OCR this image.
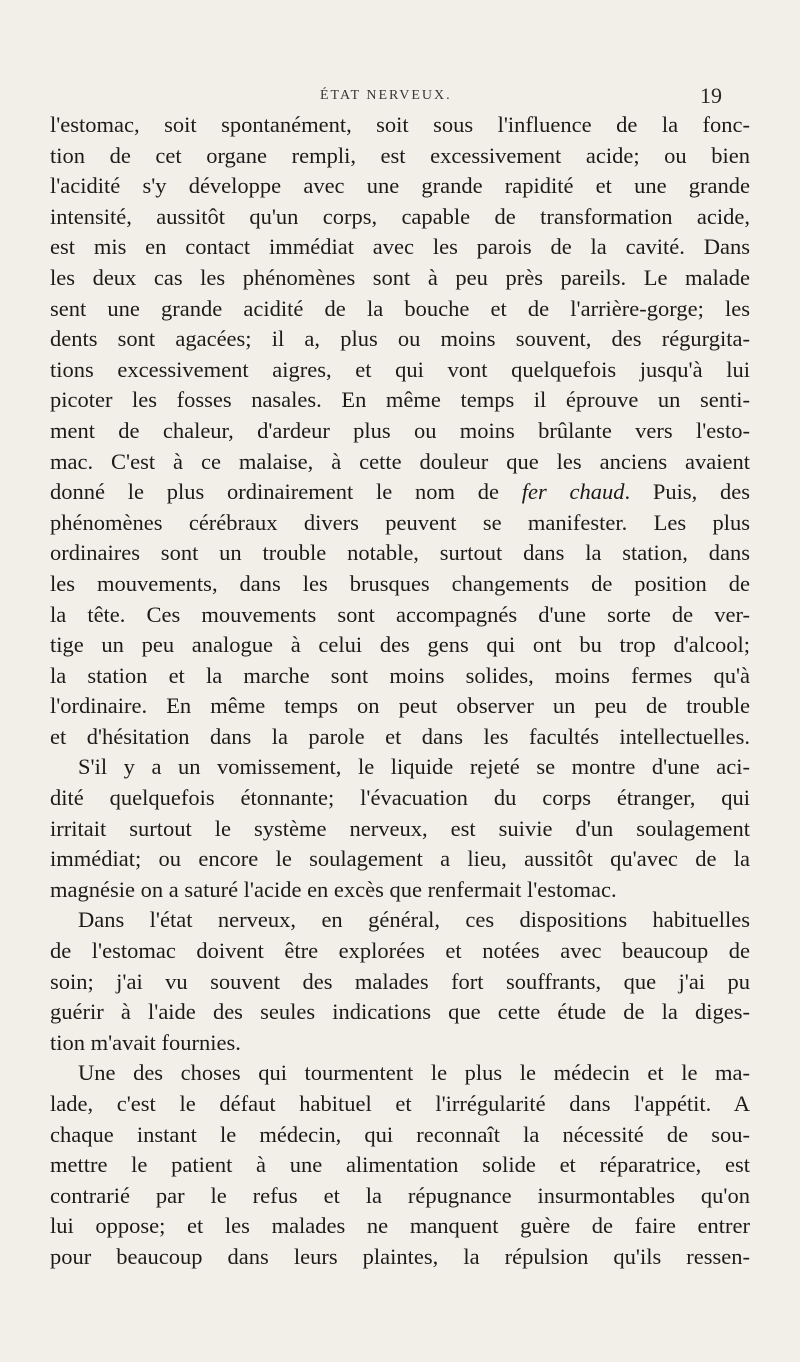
ÉTAT NERVEUX.	19
l'estomac, soit spontanément, soit sous l'influence de la fonc-
tion de cet organe rempli, est excessivement acide; ou bien
l'acidité s'y développe avec une grande rapidité et une grande
intensité, aussitôt qu'un corps, capable de transformation acide,
est mis en contact immédiat avec les parois de la cavité. Dans
les deux cas les phénomènes sont à peu près pareils. Le malade
sent une grande acidité de la bouche et de l'arrière-gorge; les
dents sont agacées; il a, plus ou moins souvent, des régurgita-
tions excessivement aigres, et qui vont quelquefois jusqu'à lui
picoter les fosses nasales. En même temps il éprouve un senti-
ment de chaleur, d'ardeur plus ou moins brûlante vers l'esto-
mac. C'est à ce malaise, à cette douleur que les anciens avaient
donné le plus ordinairement le nom de fer chaud. Puis, des
phénomènes cérébraux divers peuvent se manifester. Les plus
ordinaires sont un trouble notable, surtout dans la station, dans
les mouvements, dans les brusques changements de position de
la tête. Ces mouvements sont accompagnés d'une sorte de ver-
tige un peu analogue à celui des gens qui ont bu trop d'alcool;
la station et la marche sont moins solides, moins fermes qu'à
l'ordinaire. En même temps on peut observer un peu de trouble
et d'hésitation dans la parole et dans les facultés intellectuelles.
S'il y a un vomissement, le liquide rejeté se montre d'une aci-
dité quelquefois étonnante; l'évacuation du corps étranger, qui
irritait surtout le système nerveux, est suivie d'un soulagement
immédiat; ou encore le soulagement a lieu, aussitôt qu'avec de la
magnésie on a saturé l'acide en excès que renfermait l'estomac.
Dans l'état nerveux, en général, ces dispositions habituelles
de l'estomac doivent être explorées et notées avec beaucoup de
soin; j'ai vu souvent des malades fort souffrants, que j'ai pu
guérir à l'aide des seules indications que cette étude de la diges-
tion m'avait fournies.
Une des choses qui tourmentent le plus le médecin et le ma-
lade, c'est le défaut habituel et l'irrégularité dans l'appétit. A
chaque instant le médecin, qui reconnaît la nécessité de sou-
mettre le patient à une alimentation solide et réparatrice, est
contrarié par le refus et la répugnance insurmontables qu'on
lui oppose; et les malades ne manquent guère de faire entrer
pour beaucoup dans leurs plaintes, la répulsion qu'ils ressen-
